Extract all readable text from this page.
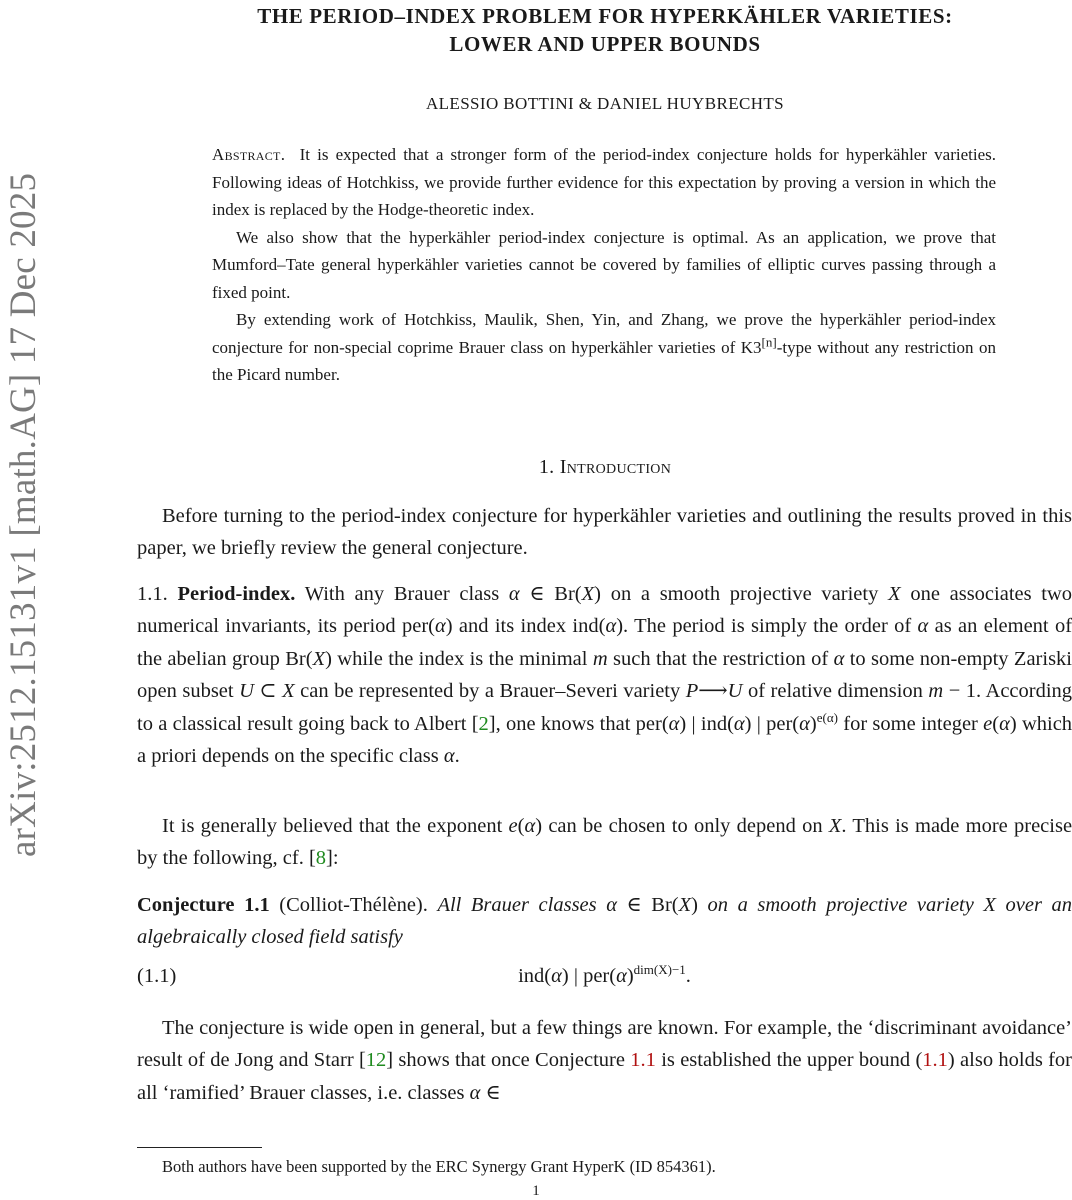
arXiv:2512.15131v1 [math.AG] 17 Dec 2025
THE PERIOD–INDEX PROBLEM FOR HYPERKÄHLER VARIETIES:
LOWER AND UPPER BOUNDS
ALESSIO BOTTINI & DANIEL HUYBRECHTS

Abstract. It is expected that a stronger form of the period-index conjecture holds for hyperkähler varieties. Following ideas of Hotchkiss, we provide further evidence for this expectation by proving a version in which the index is replaced by the Hodge-theoretic index.

We also show that the hyperkähler period-index conjecture is optimal. As an application, we prove that Mumford–Tate general hyperkähler varieties cannot be covered by families of elliptic curves passing through a fixed point.

By extending work of Hotchkiss, Maulik, Shen, Yin, and Zhang, we prove the hyperkähler period-index conjecture for non-special coprime Brauer class on hyperkähler varieties of K3[n]-type without any restriction on the Picard number.

1. Introduction

Before turning to the period-index conjecture for hyperkähler varieties and outlining the results proved in this paper, we briefly review the general conjecture.

1.1. Period-index. With any Brauer class α ∈ Br(X) on a smooth projective variety X one associates two numerical invariants, its period per(α) and its index ind(α). The period is simply the order of α as an element of the abelian group Br(X) while the index is the minimal m such that the restriction of α to some non-empty Zariski open subset U ⊂ X can be represented by a Brauer–Severi variety P⟶U of relative dimension m − 1. According to a classical result going back to Albert [2], one knows that per(α) | ind(α) | $per(\alpha)^{e(\alpha)}$ for some integer e(α) which a priori depends on the specific class α.

It is generally believed that the exponent e(α) can be chosen to only depend on X. This is made more precise by the following, cf. [8]:

Conjecture 1.1 (Colliot-Thélène). All Brauer classes α ∈ Br(X) on a smooth projective variety X over an algebraically closed field satisfy

(1.1)	ind(α) | $per(\alpha)^{dim(X)-1}$.

The conjecture is wide open in general, but a few things are known. For example, the ‘discriminant avoidance’ result of de Jong and Starr [12] shows that once Conjecture 1.1 is established the upper bound (1.1) also holds for all ‘ramified’ Brauer classes, i.e. classes α ∈

Both authors have been supported by the ERC Synergy Grant HyperK (ID 854361).
1
